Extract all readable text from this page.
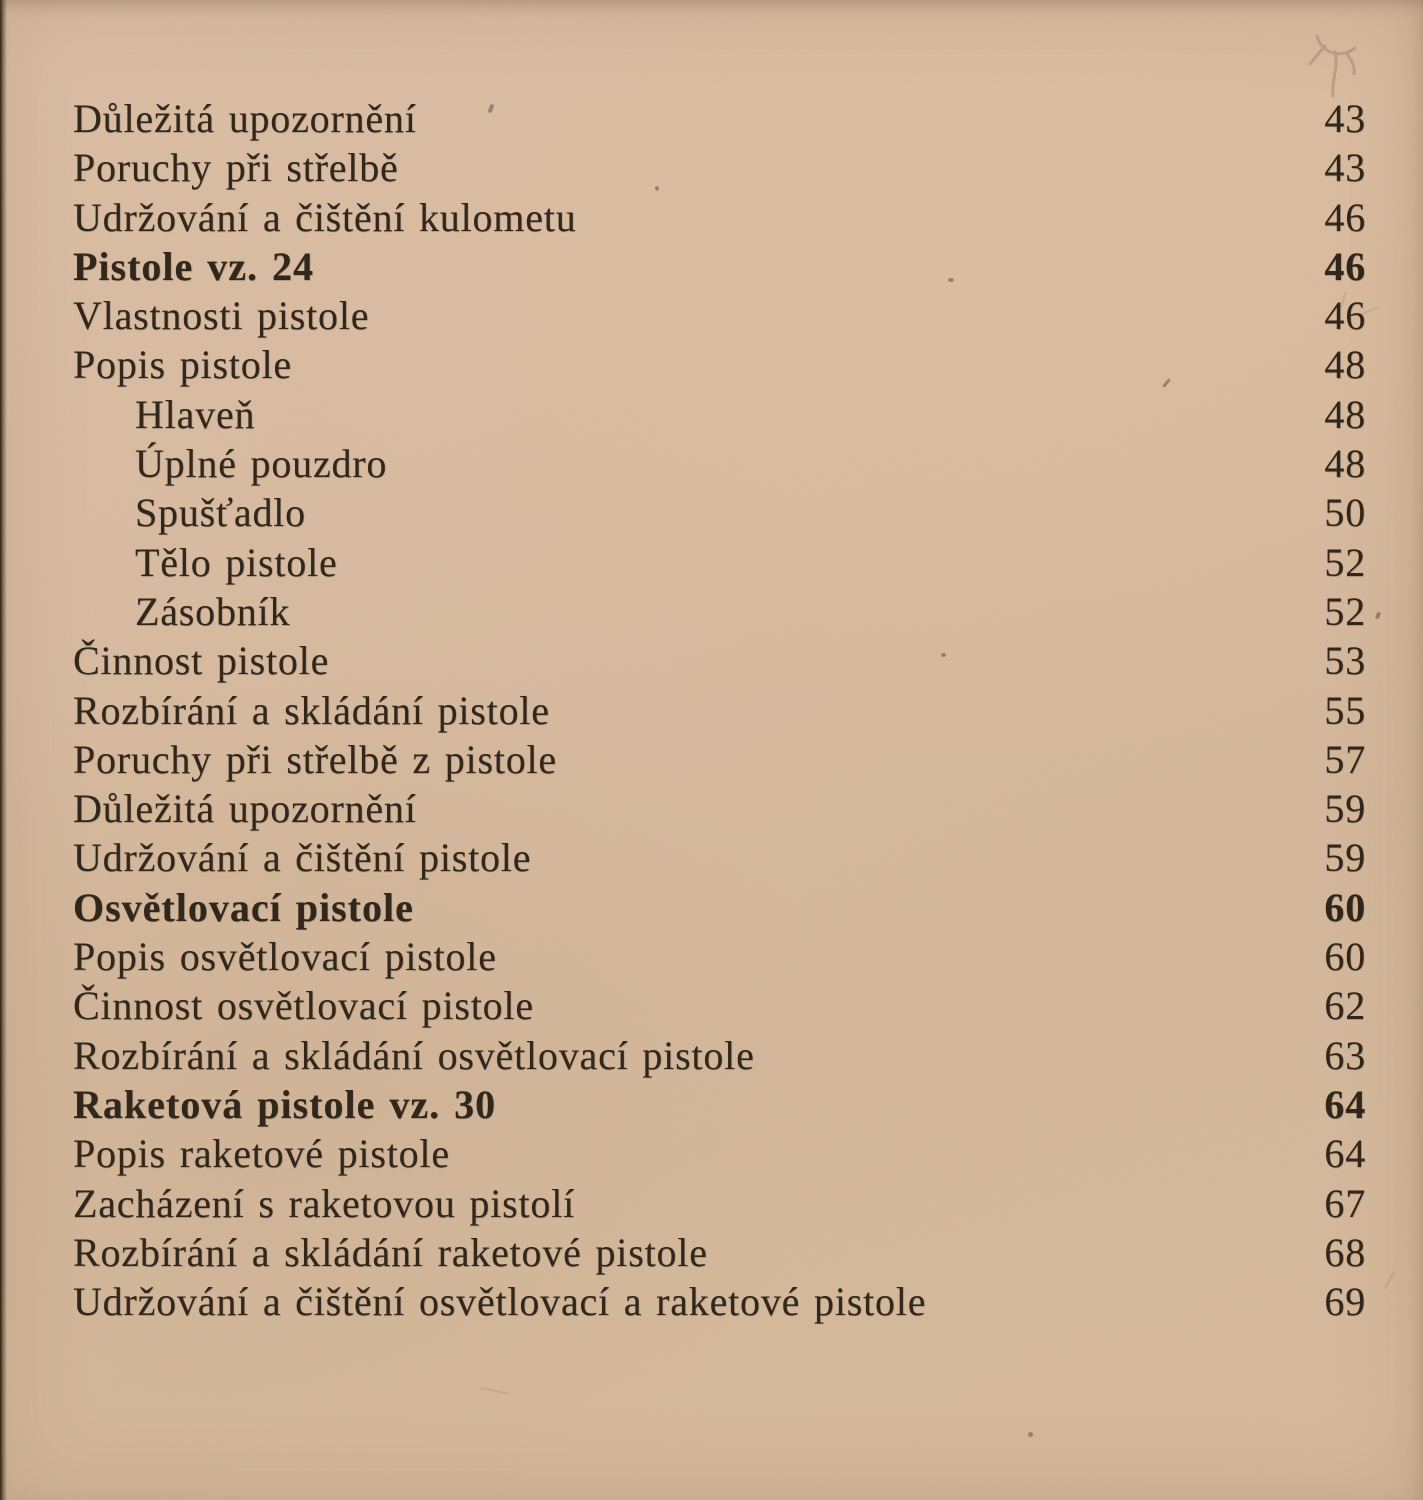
Důležitá upozornění	43
Poruchy při střelbě	43
Udržování a čištění kulometu	46
Pistole vz. 24	46
Vlastnosti pistole	46
Popis pistole	48
Hlaveň	48
Úplné pouzdro	48
Spušťadlo	50
Tělo pistole	52
Zásobník	52
Činnost pistole	53
Rozbírání a skládání pistole	55
Poruchy při střelbě z pistole	57
Důležitá upozornění	59
Udržování a čištění pistole	59
Osvětlovací pistole	60
Popis osvětlovací pistole	60
Činnost osvětlovací pistole	62
Rozbírání a skládání osvětlovací pistole	63
Raketová pistole vz. 30	64
Popis raketové pistole	64
Zacházení s raketovou pistolí	67
Rozbírání a skládání raketové pistole	68
Udržování a čištění osvětlovací a raketové pistole	69
